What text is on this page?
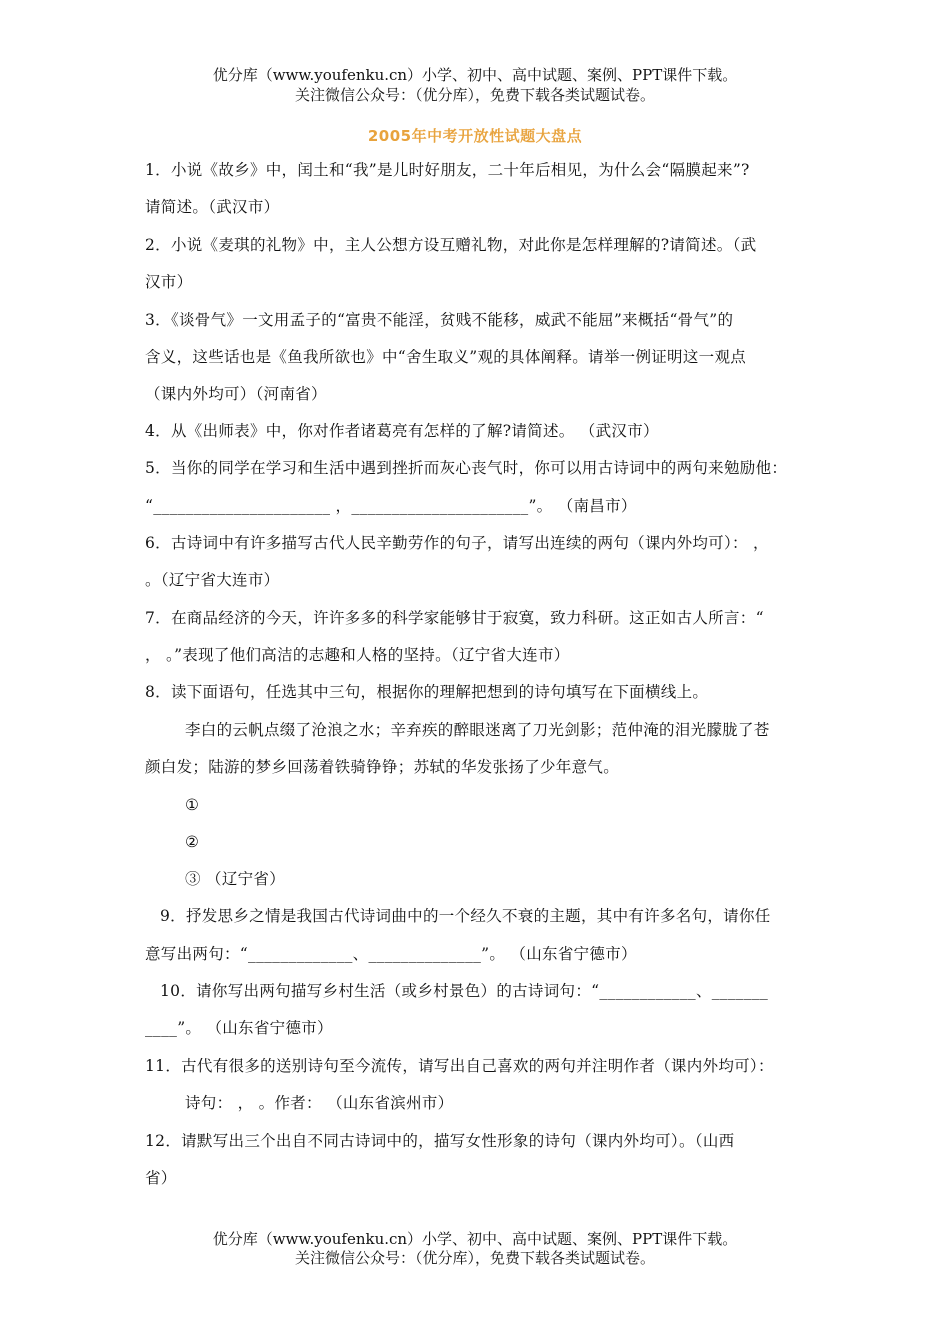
优分库（www.youfenku.cn）小学、初中、高中试题、案例、PPT课件下载。
关注微信公众号：（优分库），免费下载各类试题试卷。
2005年中考开放性试题大盘点
1．小说《故乡》中，闰土和“我”是儿时好朋友，二十年后相见，为什么会“隔膜起来”?
请简述。（武汉市）
2．小说《麦琪的礼物》中，主人公想方设互赠礼物，对此你是怎样理解的?请简述。（武
汉市）
3．《谈骨气》一文用孟子的“富贵不能淫，贫贱不能移，威武不能屈”来概括“骨气”的
含义，这些话也是《鱼我所欲也》中“舍生取义”观的具体阐释。请举一例证明这一观点
（课内外均可）（河南省）
4．从《出师表》中，你对作者诸葛亮有怎样的了解?请简述。 （武汉市）
5．当你的同学在学习和生活中遇到挫折而灰心丧气时，你可以用古诗词中的两句来勉励他：
“______________________ ，______________________”。 （南昌市）
6．古诗词中有许多描写古代人民辛勤劳作的句子，请写出连续的两句（课内外均可）： ，
。（辽宁省大连市）
7．在商品经济的今天，许许多多的科学家能够甘于寂寞，致力科研。这正如古人所言：“
， 。”表现了他们高洁的志趣和人格的坚持。（辽宁省大连市）
8．读下面语句，任选其中三句，根据你的理解把想到的诗句填写在下面横线上。
李白的云帆点缀了沧浪之水；辛弃疾的醉眼迷离了刀光剑影；范仲淹的泪光朦胧了苍
颜白发；陆游的梦乡回荡着铁骑铮铮；苏轼的华发张扬了少年意气。
①
②
③ （辽宁省）
9．抒发思乡之情是我国古代诗词曲中的一个经久不衰的主题，其中有许多名句，请你任
意写出两句：“_____________、______________”。 （山东省宁德市）
10．请你写出两句描写乡村生活（或乡村景色）的古诗词句：“____________、_______
____”。 （山东省宁德市）
11．古代有很多的送别诗句至今流传，请写出自己喜欢的两句并注明作者（课内外均可）：
诗句： ， 。作者： （山东省滨州市）
12．请默写出三个出自不同古诗词中的，描写女性形象的诗句（课内外均可）。（山西
省）
优分库（www.youfenku.cn）小学、初中、高中试题、案例、PPT课件下载。
关注微信公众号：（优分库），免费下载各类试题试卷。
